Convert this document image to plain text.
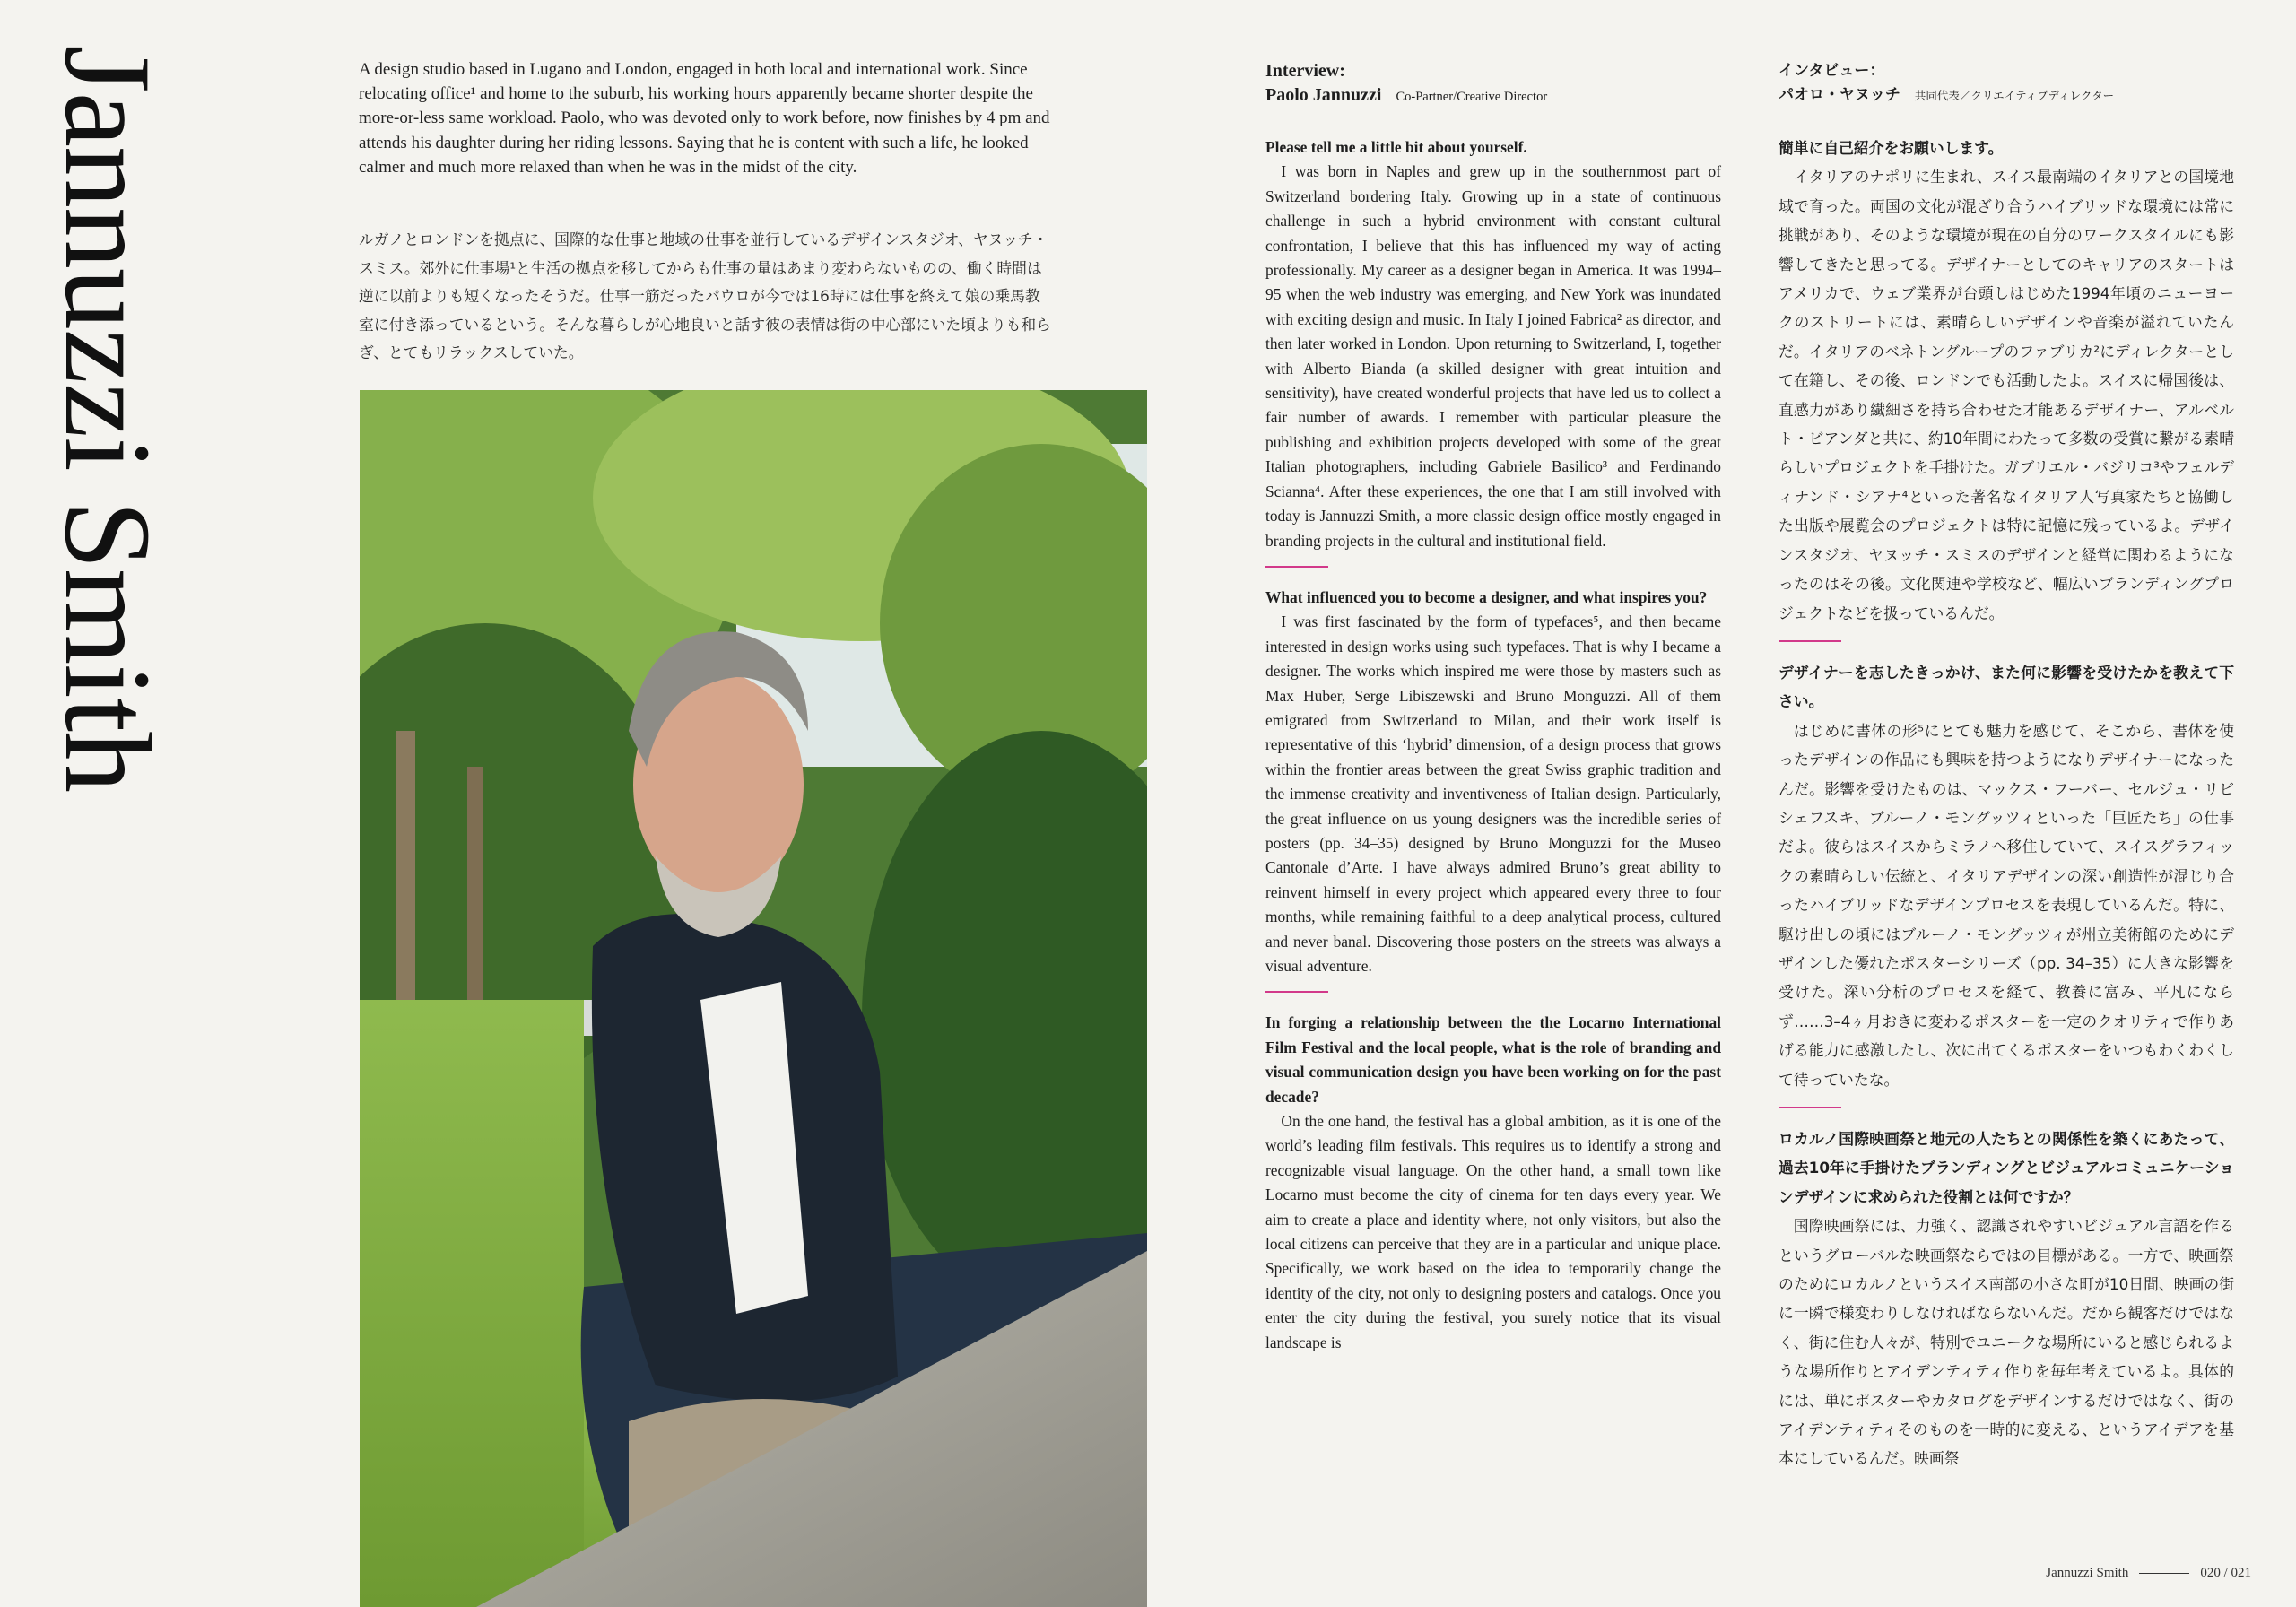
Jannuzzi Smith	A design studio based in Lugano and London, engaged in both local and international work. Since relocating office¹ and home to the suburb, his working hours apparently became shorter despite the more-or-less same workload. Paolo, who was devoted only to work before, now finishes by 4 pm and attends his daughter during her riding lessons. Saying that he is content with such a life, he looked calmer and much more relaxed than when he was in the midst of the city.

ルガノとロンドンを拠点に、国際的な仕事と地域の仕事を並行しているデザインスタジオ、ヤヌッチ・スミス。郊外に仕事場¹と生活の拠点を移してからも仕事の量はあまり変わらないものの、働く時間は逆に以前よりも短くなったそうだ。仕事一筋だったパウロが今では16時には仕事を終えて娘の乗馬教室に付き添っているという。そんな暮らしが心地良いと話す彼の表情は街の中心部にいた頃よりも和らぎ、とてもリラックスしていた。

Interview:
Paolo Jannuzzi Co-Partner/Creative Director

Please tell me a little bit about yourself.

I was born in Naples and grew up in the southernmost part of Switzerland bordering Italy. Growing up in a state of continuous challenge in such a hybrid environment with constant cultural confrontation, I believe that this has influenced my way of acting professionally. My career as a designer began in America. It was 1994–95 when the web industry was emerging, and New York was inundated with exciting design and music. In Italy I joined Fabrica² as director, and then later worked in London. Upon returning to Switzerland, I, together with Alberto Bianda (a skilled designer with great intuition and sensitivity), have created wonderful projects that have led us to collect a fair number of awards. I remember with particular pleasure the publishing and exhibition projects developed with some of the great Italian photographers, including Gabriele Basilico³ and Ferdinando Scianna⁴. After these experiences, the one that I am still involved with today is Jannuzzi Smith, a more classic design office mostly engaged in branding projects in the cultural and institutional field.

What influenced you to become a designer, and what inspires you?

I was first fascinated by the form of typefaces⁵, and then became interested in design works using such typefaces. That is why I became a designer. The works which inspired me were those by masters such as Max Huber, Serge Libiszewski and Bruno Monguzzi. All of them emigrated from Switzerland to Milan, and their work itself is representative of this ‘hybrid’ dimension, of a design process that grows within the frontier areas between the great Swiss graphic tradition and the immense creativity and inventiveness of Italian design. Particularly, the great influence on us young designers was the incredible series of posters (pp. 34–35) designed by Bruno Monguzzi for the Museo Cantonale d’Arte. I have always admired Bruno’s great ability to reinvent himself in every project which appeared every three to four months, while remaining faithful to a deep analytical process, cultured and never banal. Discovering those posters on the streets was always a visual adventure.

In forging a relationship between the the Locarno International Film Festival and the local people, what is the role of branding and visual communication design you have been working on for the past decade?

On the one hand, the festival has a global ambition, as it is one of the world’s leading film festivals. This requires us to identify a strong and recognizable visual language. On the other hand, a small town like Locarno must become the city of cinema for ten days every year. We aim to create a place and identity where, not only visitors, but also the local citizens can perceive that they are in a particular and unique place. Specifically, we work based on the idea to temporarily change the identity of the city, not only to designing posters and catalogs. Once you enter the city during the festival, you surely notice that its visual landscape is

インタビュー：
パオロ・ヤヌッチ 共同代表／クリエイティブディレクター

簡単に自己紹介をお願いします。

イタリアのナポリに生まれ、スイス最南端のイタリアとの国境地域で育った。両国の文化が混ざり合うハイブリッドな環境には常に挑戦があり、そのような環境が現在の自分のワークスタイルにも影響してきたと思ってる。デザイナーとしてのキャリアのスタートはアメリカで、ウェブ業界が台頭しはじめた1994年頃のニューヨークのストリートには、素晴らしいデザインや音楽が溢れていたんだ。イタリアのベネトングループのファブリカ²にディレクターとして在籍し、その後、ロンドンでも活動したよ。スイスに帰国後は、直感力があり繊細さを持ち合わせた才能あるデザイナー、アルベルト・ビアンダと共に、約10年間にわたって多数の受賞に繋がる素晴らしいプロジェクトを手掛けた。ガブリエル・バジリコ³やフェルディナンド・シアナ⁴といった著名なイタリア人写真家たちと協働した出版や展覧会のプロジェクトは特に記憶に残っているよ。デザインスタジオ、ヤヌッチ・スミスのデザインと経営に関わるようになったのはその後。文化関連や学校など、幅広いブランディングプロジェクトなどを扱っているんだ。

デザイナーを志したきっかけ、また何に影響を受けたかを教えて下さい。

はじめに書体の形⁵にとても魅力を感じて、そこから、書体を使ったデザインの作品にも興味を持つようになりデザイナーになったんだ。影響を受けたものは、マックス・フーバー、セルジュ・リビシェフスキ、ブルーノ・モングッツィといった「巨匠たち」の仕事だよ。彼らはスイスからミラノへ移住していて、スイスグラフィックの素晴らしい伝統と、イタリアデザインの深い創造性が混じり合ったハイブリッドなデザインプロセスを表現しているんだ。特に、駆け出しの頃にはブルーノ・モングッツィが州立美術館のためにデザインした優れたポスターシリーズ（pp. 34–35）に大きな影響を受けた。深い分析のプロセスを経て、教養に富み、平凡にならず……3–4ヶ月おきに変わるポスターを一定のクオリティで作りあげる能力に感激したし、次に出てくるポスターをいつもわくわくして待っていたな。

ロカルノ国際映画祭と地元の人たちとの関係性を築くにあたって、過去10年に手掛けたブランディングとビジュアルコミュニケーションデザインに求められた役割とは何ですか？

国際映画祭には、力強く、認識されやすいビジュアル言語を作るというグローバルな映画祭ならではの目標がある。一方で、映画祭のためにロカルノというスイス南部の小さな町が10日間、映画の街に一瞬で様変わりしなければならないんだ。だから観客だけではなく、街に住む人々が、特別でユニークな場所にいると感じられるような場所作りとアイデンティティ作りを毎年考えているよ。具体的には、単にポスターやカタログをデザインするだけではなく、街のアイデンティティそのものを一時的に変える、というアイデアを基本にしているんだ。映画祭

Jannuzzi Smith	020 / 021
